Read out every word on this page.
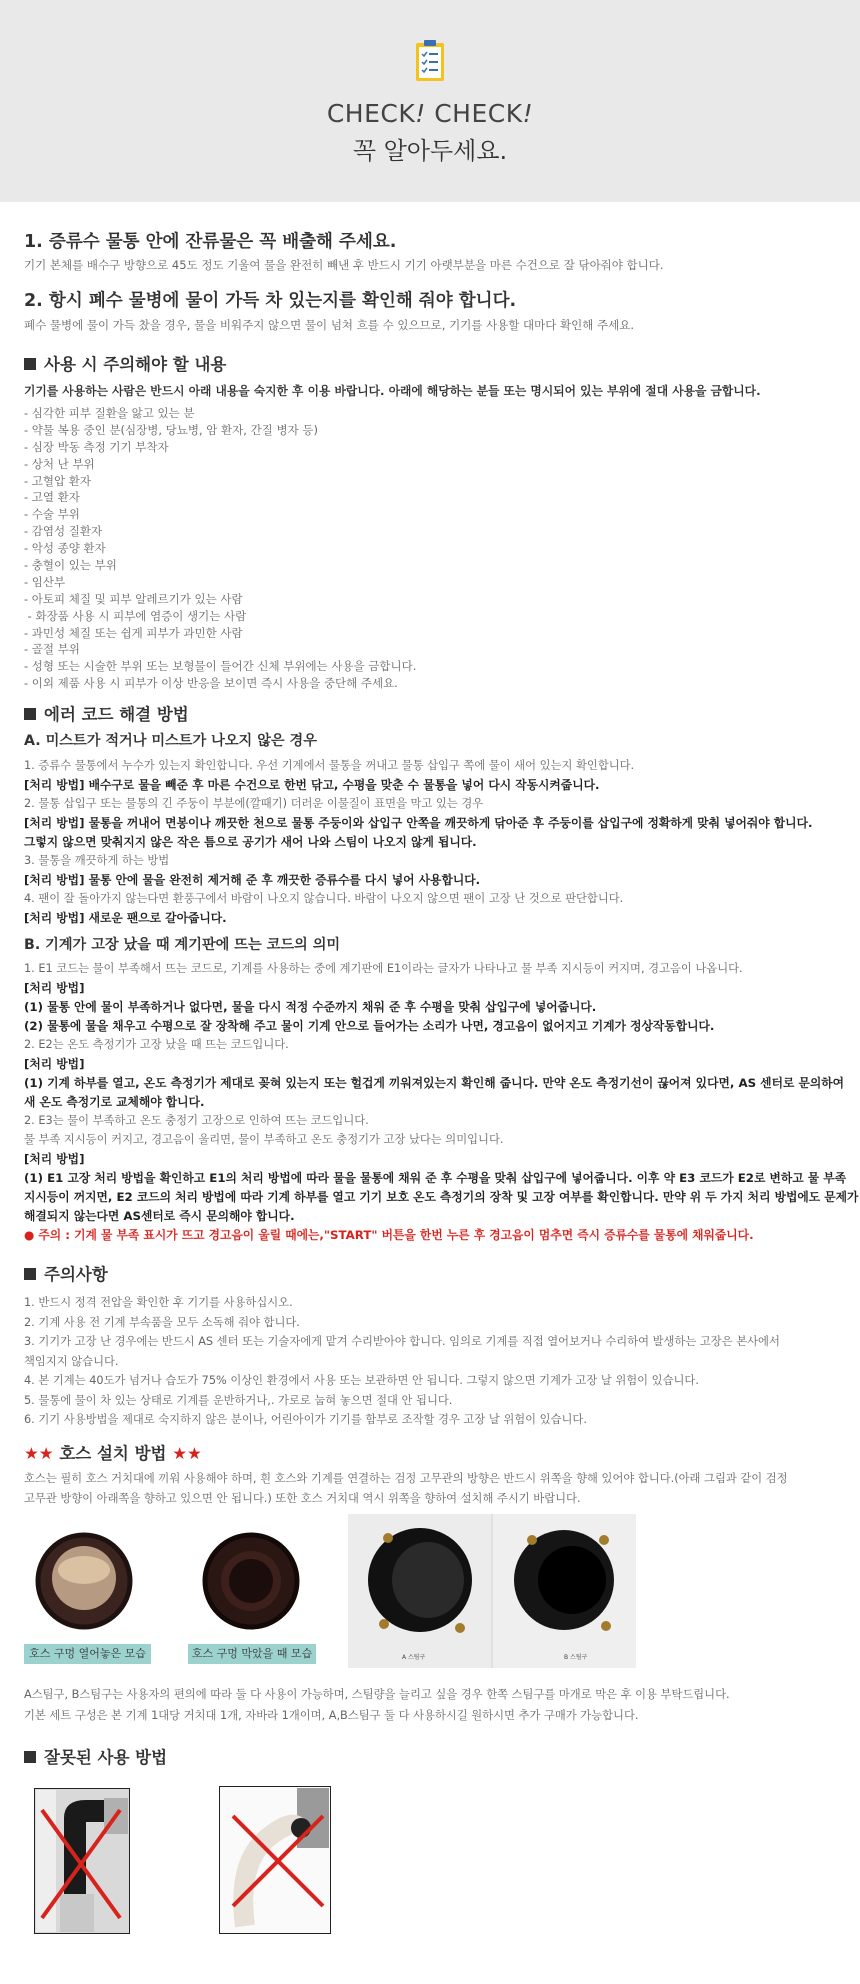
CHECK! CHECK!
꼭 알아두세요.
1. 증류수 물통 안에 잔류물은 꼭 배출해 주세요.
기기 본체를 배수구 방향으로 45도 정도 기울여 물을 완전히 빼낸 후 반드시 기기 아랫부분을 마른 수건으로 잘 닦아줘야 합니다.
2. 항시 폐수 물병에 물이 가득 차 있는지를 확인해 줘야 합니다.
폐수 물병에 물이 가득 찼을 경우, 물을 비워주지 않으면 물이 넘쳐 흐를 수 있으므로, 기기를 사용할 대마다 확인해 주세요.
사용 시 주의해야 할 내용
기기를 사용하는 사람은 반드시 아래 내용을 숙지한 후 이용 바랍니다. 아래에 해당하는 분들 또는 명시되어 있는 부위에 절대 사용을 금합니다.
- 심각한 피부 질환을 앓고 있는 분
- 약물 복용 중인 분(심장병, 당뇨병, 암 환자, 간질 병자 등)
- 심장 박동 측정 기기 부착자
- 상처 난 부위
- 고혈압 환자
- 고열 환자
- 수술 부위
- 감염성 질환자
- 악성 종양 환자
- 충혈이 있는 부위
- 임산부
- 아토피 체질 및 피부 알레르기가 있는 사람
- 화장품 사용 시 피부에 염증이 생기는 사람
- 과민성 체질 또는 쉽게 피부가 과민한 사람
- 골절 부위
- 성형 또는 시술한 부위 또는 보형물이 들어간 신체 부위에는 사용을 금합니다.
- 이외 제품 사용 시 피부가 이상 반응을 보이면 즉시 사용을 중단해 주세요.
에러 코드 해결 방법
A. 미스트가 적거나 미스트가 나오지 않은 경우
1. 증류수 물통에서 누수가 있는지 확인합니다. 우선 기계에서 물통을 꺼내고 물통 삽입구 쪽에 물이 새어 있는지 확인합니다.
[처리 방법] 배수구로 물을 빼준 후 마른 수건으로 한번 닦고, 수평을 맞춘 수 물통을 넣어 다시 작동시켜줍니다.
2. 물통 삽입구 또는 물통의 긴 주둥이 부분에(깔때기) 더러운 이물질이 표면을 막고 있는 경우
[처리 방법] 물통을 꺼내어 면봉이나 깨끗한 천으로 물통 주둥이와 삽입구 안쪽을 깨끗하게 닦아준 후 주둥이를 삽입구에 정확하게 맞춰 넣어줘야 합니다.
그렇지 않으면 맞춰지지 않은 작은 틈으로 공기가 새어 나와 스팀이 나오지 않게 됩니다.
3. 물통을 깨끗하게 하는 방법
[처리 방법] 물통 안에 물을 완전히 제거해 준 후 깨끗한 증류수를 다시 넣어 사용합니다.
4. 팬이 잘 돌아가지 않는다면 환풍구에서 바람이 나오지 않습니다. 바람이 나오지 않으면 팬이 고장 난 것으로 판단합니다.
[처리 방법] 새로운 팬으로 갈아줍니다.
B. 기계가 고장 났을 때 계기판에 뜨는 코드의 의미
1. E1 코드는 물이 부족해서 뜨는 코드로, 기계를 사용하는 중에 계기판에 E1이라는 글자가 나타나고 물 부족 지시등이 커지며, 경고음이 나옵니다.
[처리 방법]
(1) 물통 안에 물이 부족하거나 없다면, 물을 다시 적정 수준까지 채워 준 후 수평을 맞춰 삽입구에 넣어줍니다.
(2) 물통에 물을 채우고 수평으로 잘 장착해 주고 물이 기계 안으로 들어가는 소리가 나면, 경고음이 없어지고 기계가 정상작동합니다.
2. E2는 온도 측정기가 고장 났을 때 뜨는 코드입니다.
[처리 방법]
(1) 기계 하부를 열고, 온도 측정기가 제대로 꽂혀 있는지 또는 헐겁게 끼워져있는지 확인해 줍니다. 만약 온도 측정기선이 끊어져 있다면, AS 센터로 문의하여
새 온도 측정기로 교체해야 합니다.
2. E3는 물이 부족하고 온도 충정기 고장으로 인하여 뜨는 코드입니다.
물 부족 지시등이 커지고, 경고음이 울리면, 물이 부족하고 온도 충정기가 고장 났다는 의미입니다.
[처리 방법]
(1) E1 고장 처리 방법을 확인하고 E1의 처리 방법에 따라 물을 물통에 채워 준 후 수평을 맞춰 삽입구에 넣어줍니다. 이후 약 E3 코드가 E2로 변하고 물 부족
지시등이 꺼지면, E2 코드의 처리 방법에 따라 기계 하부를 열고 기기 보호 온도 측정기의 장착 및 고장 여부를 확인합니다. 만약 위 두 가지 처리 방법에도 문제가
해결되지 않는다면 AS센터로 즉시 문의해야 합니다.
● 주의 : 기계 물 부족 표시가 뜨고 경고음이 울릴 때에는,"START" 버튼을 한번 누른 후 경고음이 멈추면 즉시 증류수를 물통에 채워줍니다.
주의사항
1. 반드시 정격 전압을 확인한 후 기기를 사용하십시오.
2. 기계 사용 전 기계 부속품을 모두 소독해 줘야 합니다.
3. 기기가 고장 난 경우에는 반드시 AS 센터 또는 기술자에게 맡겨 수리받아야 합니다. 임의로 기계를 직접 열어보거나 수리하여 발생하는 고장은 본사에서
책임지지 않습니다.
4. 본 기계는 40도가 넘거나 습도가 75% 이상인 환경에서 사용 또는 보관하면 안 됩니다. 그렇지 않으면 기계가 고장 날 위험이 있습니다.
5. 물통에 물이 차 있는 상태로 기계를 운반하거나,. 가로로 눕혀 놓으면 절대 안 됩니다.
6. 기기 사용방법을 제대로 숙지하지 않은 분이나, 어린아이가 기기를 함부로 조작할 경우 고장 날 위험이 있습니다.
★★ 호스 설치 방법 ★★
호스는 필히 호스 거치대에 끼워 사용해야 하며, 흰 호스와 기계를 연결하는 검정 고무관의 방향은 반드시 위쪽을 향해 있어야 합니다.(아래 그림과 같이 검정
고무관 방향이 아래쪽을 향하고 있으면 안 됩니다.) 또한 호스 거치대 역시 위쪽을 향하여 설치해 주시기 바랍니다.
호스 구멍 열어놓은 모습	호스 구멍 막았을 때 모습	A 스팀구	B 스팀구
A스팀구, B스팀구는 사용자의 편의에 따라 둘 다 사용이 가능하며, 스팀량을 늘리고 싶을 경우 한쪽 스팀구를 마개로 막은 후 이용 부탁드립니다.
기본 세트 구성은 본 기계 1대당 거치대 1개, 자바라 1개이며, A,B스팀구 둘 다 사용하시길 원하시면 추가 구매가 가능합니다.
잘못된 사용 방법
